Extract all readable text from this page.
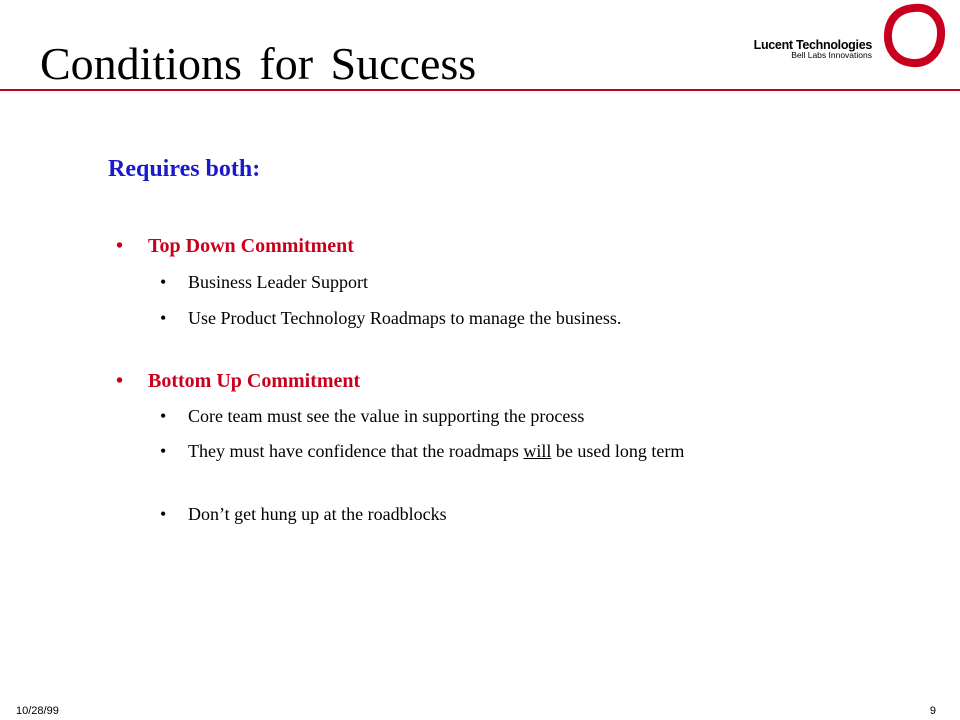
Conditions for Success	Lucent Technologies
Bell Labs Innovations
Requires both:
• Top Down Commitment
• Business Leader Support
• Use Product Technology Roadmaps to manage the business.
• Bottom Up Commitment
• Core team must see the value in supporting the process
• They must have confidence that the roadmaps will be used long term
• Don’t get hung up at the roadblocks
10/28/99	9
